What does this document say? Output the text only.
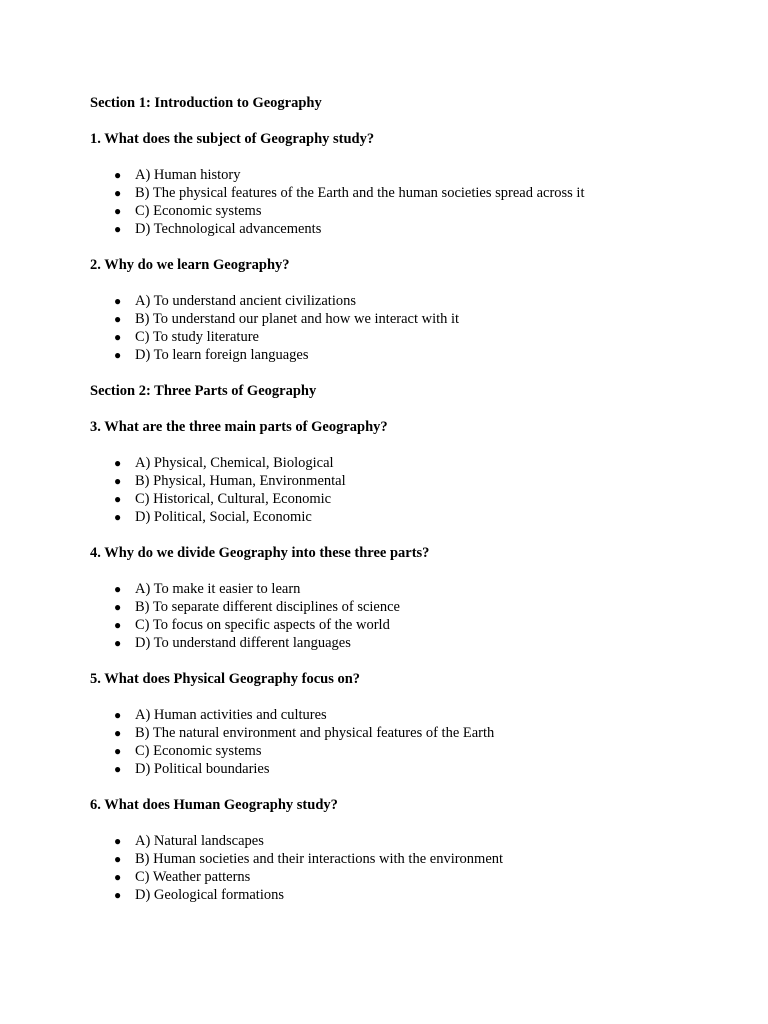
Section 1: Introduction to Geography
1. What does the subject of Geography study?
● A) Human history
● B) The physical features of the Earth and the human societies spread across it
● C) Economic systems
● D) Technological advancements
2. Why do we learn Geography?
● A) To understand ancient civilizations
● B) To understand our planet and how we interact with it
● C) To study literature
● D) To learn foreign languages
Section 2: Three Parts of Geography
3. What are the three main parts of Geography?
● A) Physical, Chemical, Biological
● B) Physical, Human, Environmental
● C) Historical, Cultural, Economic
● D) Political, Social, Economic
4. Why do we divide Geography into these three parts?
● A) To make it easier to learn
● B) To separate different disciplines of science
● C) To focus on specific aspects of the world
● D) To understand different languages
5. What does Physical Geography focus on?
● A) Human activities and cultures
● B) The natural environment and physical features of the Earth
● C) Economic systems
● D) Political boundaries
6. What does Human Geography study?
● A) Natural landscapes
● B) Human societies and their interactions with the environment
● C) Weather patterns
● D) Geological formations
